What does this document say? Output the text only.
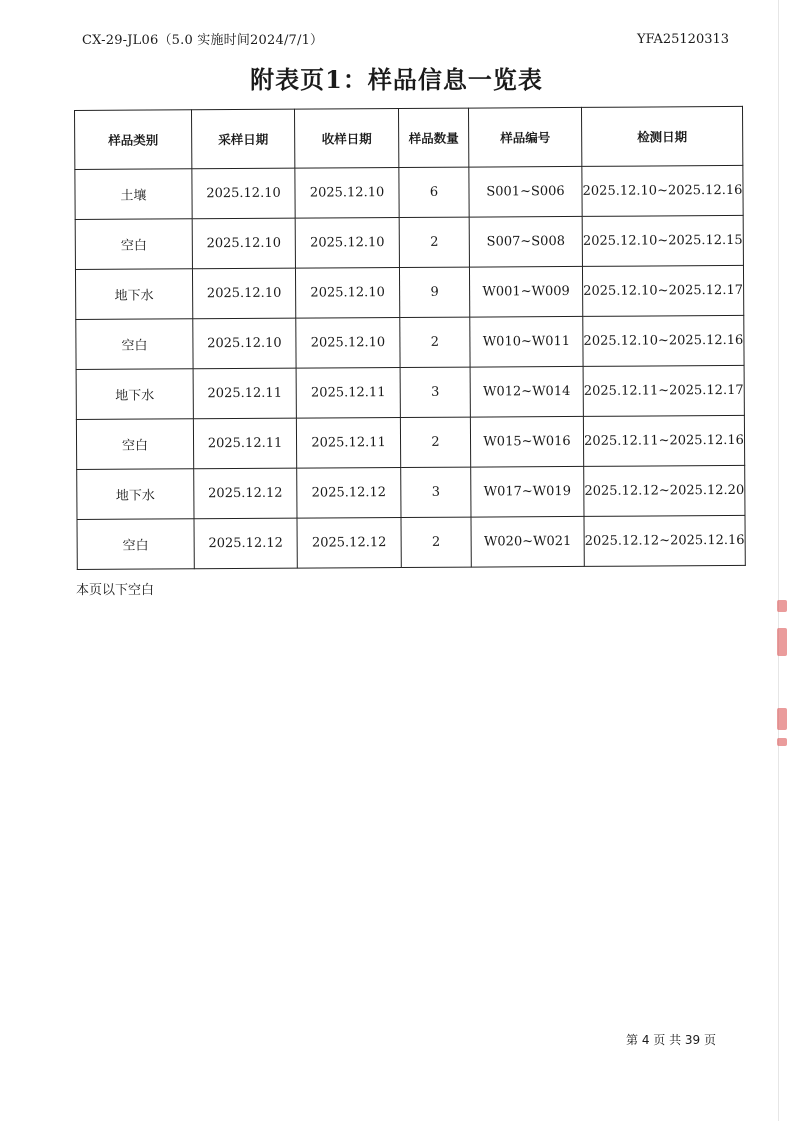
CX-29-JL06（5.0 实施时间2024/7/1）	YFA25120313
附表页1：样品信息一览表
样品类别	采样日期	收样日期	样品数量	样品编号	检测日期
土壤	2025.12.10	2025.12.10	6	S001~S006	2025.12.10~2025.12.16
空白	2025.12.10	2025.12.10	2	S007~S008	2025.12.10~2025.12.15
地下水	2025.12.10	2025.12.10	9	W001~W009	2025.12.10~2025.12.17
空白	2025.12.10	2025.12.10	2	W010~W011	2025.12.10~2025.12.16
地下水	2025.12.11	2025.12.11	3	W012~W014	2025.12.11~2025.12.17
空白	2025.12.11	2025.12.11	2	W015~W016	2025.12.11~2025.12.16
地下水	2025.12.12	2025.12.12	3	W017~W019	2025.12.12~2025.12.20
空白	2025.12.12	2025.12.12	2	W020~W021	2025.12.12~2025.12.16
本页以下空白
第 4 页 共 39 页
